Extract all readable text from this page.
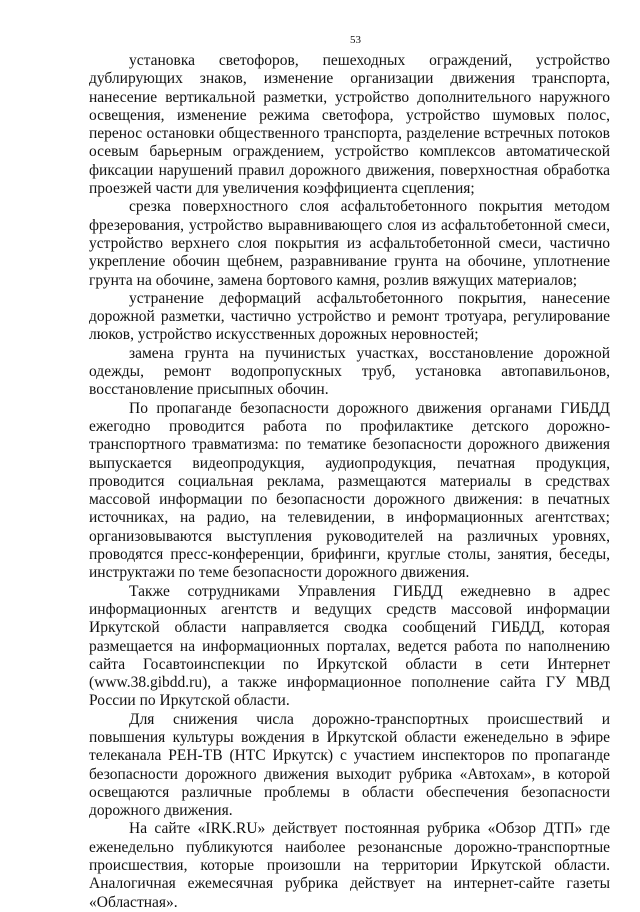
53

установка светофоров, пешеходных ограждений, устройство дублирующих знаков, изменение организации движения транспорта, нанесение вертикальной разметки, устройство дополнительного наружного освещения, изменение режима светофора, устройство шумовых полос, перенос остановки общественного транспорта, разделение встречных потоков осевым барьерным ограждением, устройство комплексов автоматической фиксации нарушений правил дорожного движения, поверхностная обработка проезжей части для увеличения коэффициента сцепления;

срезка поверхностного слоя асфальтобетонного покрытия методом фрезерования, устройство выравнивающего слоя из асфальтобетонной смеси, устройство верхнего слоя покрытия из асфальтобетонной смеси, частично укрепление обочин щебнем, разравнивание грунта на обочине, уплотнение грунта на обочине, замена бортового камня, розлив вяжущих материалов;

устранение деформаций асфальтобетонного покрытия, нанесение дорожной разметки, частично устройство и ремонт тротуара, регулирование люков, устройство искусственных дорожных неровностей;

замена грунта на пучинистых участках, восстановление дорожной одежды, ремонт водопропускных труб, установка автопавильонов, восстановление присыпных обочин.

По пропаганде безопасности дорожного движения органами ГИБДД ежегодно проводится работа по профилактике детского дорожно-транспортного травматизма: по тематике безопасности дорожного движения выпускается видеопродукция, аудиопродукция, печатная продукция, проводится социальная реклама, размещаются материалы в средствах массовой информации по безопасности дорожного движения: в печатных источниках, на радио, на телевидении, в информационных агентствах; организовываются выступления руководителей на различных уровнях, проводятся пресс-конференции, брифинги, круглые столы, занятия, беседы, инструктажи по теме безопасности дорожного движения.

Также сотрудниками Управления ГИБДД ежедневно в адрес информационных агентств и ведущих средств массовой информации Иркутской области направляется сводка сообщений ГИБДД, которая размещается на информационных порталах, ведется работа по наполнению сайта Госавтоинспекции по Иркутской области в сети Интернет (www.38.gibdd.ru), а также информационное пополнение сайта ГУ МВД России по Иркутской области.

Для снижения числа дорожно-транспортных происшествий и повышения культуры вождения в Иркутской области еженедельно в эфире телеканала РЕН-ТВ (НТС Иркутск) с участием инспекторов по пропаганде безопасности дорожного движения выходит рубрика «Автохам», в которой освещаются различные проблемы в области обеспечения безопасности дорожного движения.

На сайте «IRK.RU» действует постоянная рубрика «Обзор ДТП» где еженедельно публикуются наиболее резонансные дорожно-транспортные происшествия, которые произошли на территории Иркутской области. Аналогичная ежемесячная рубрика действует на интернет-сайте газеты «Областная».
